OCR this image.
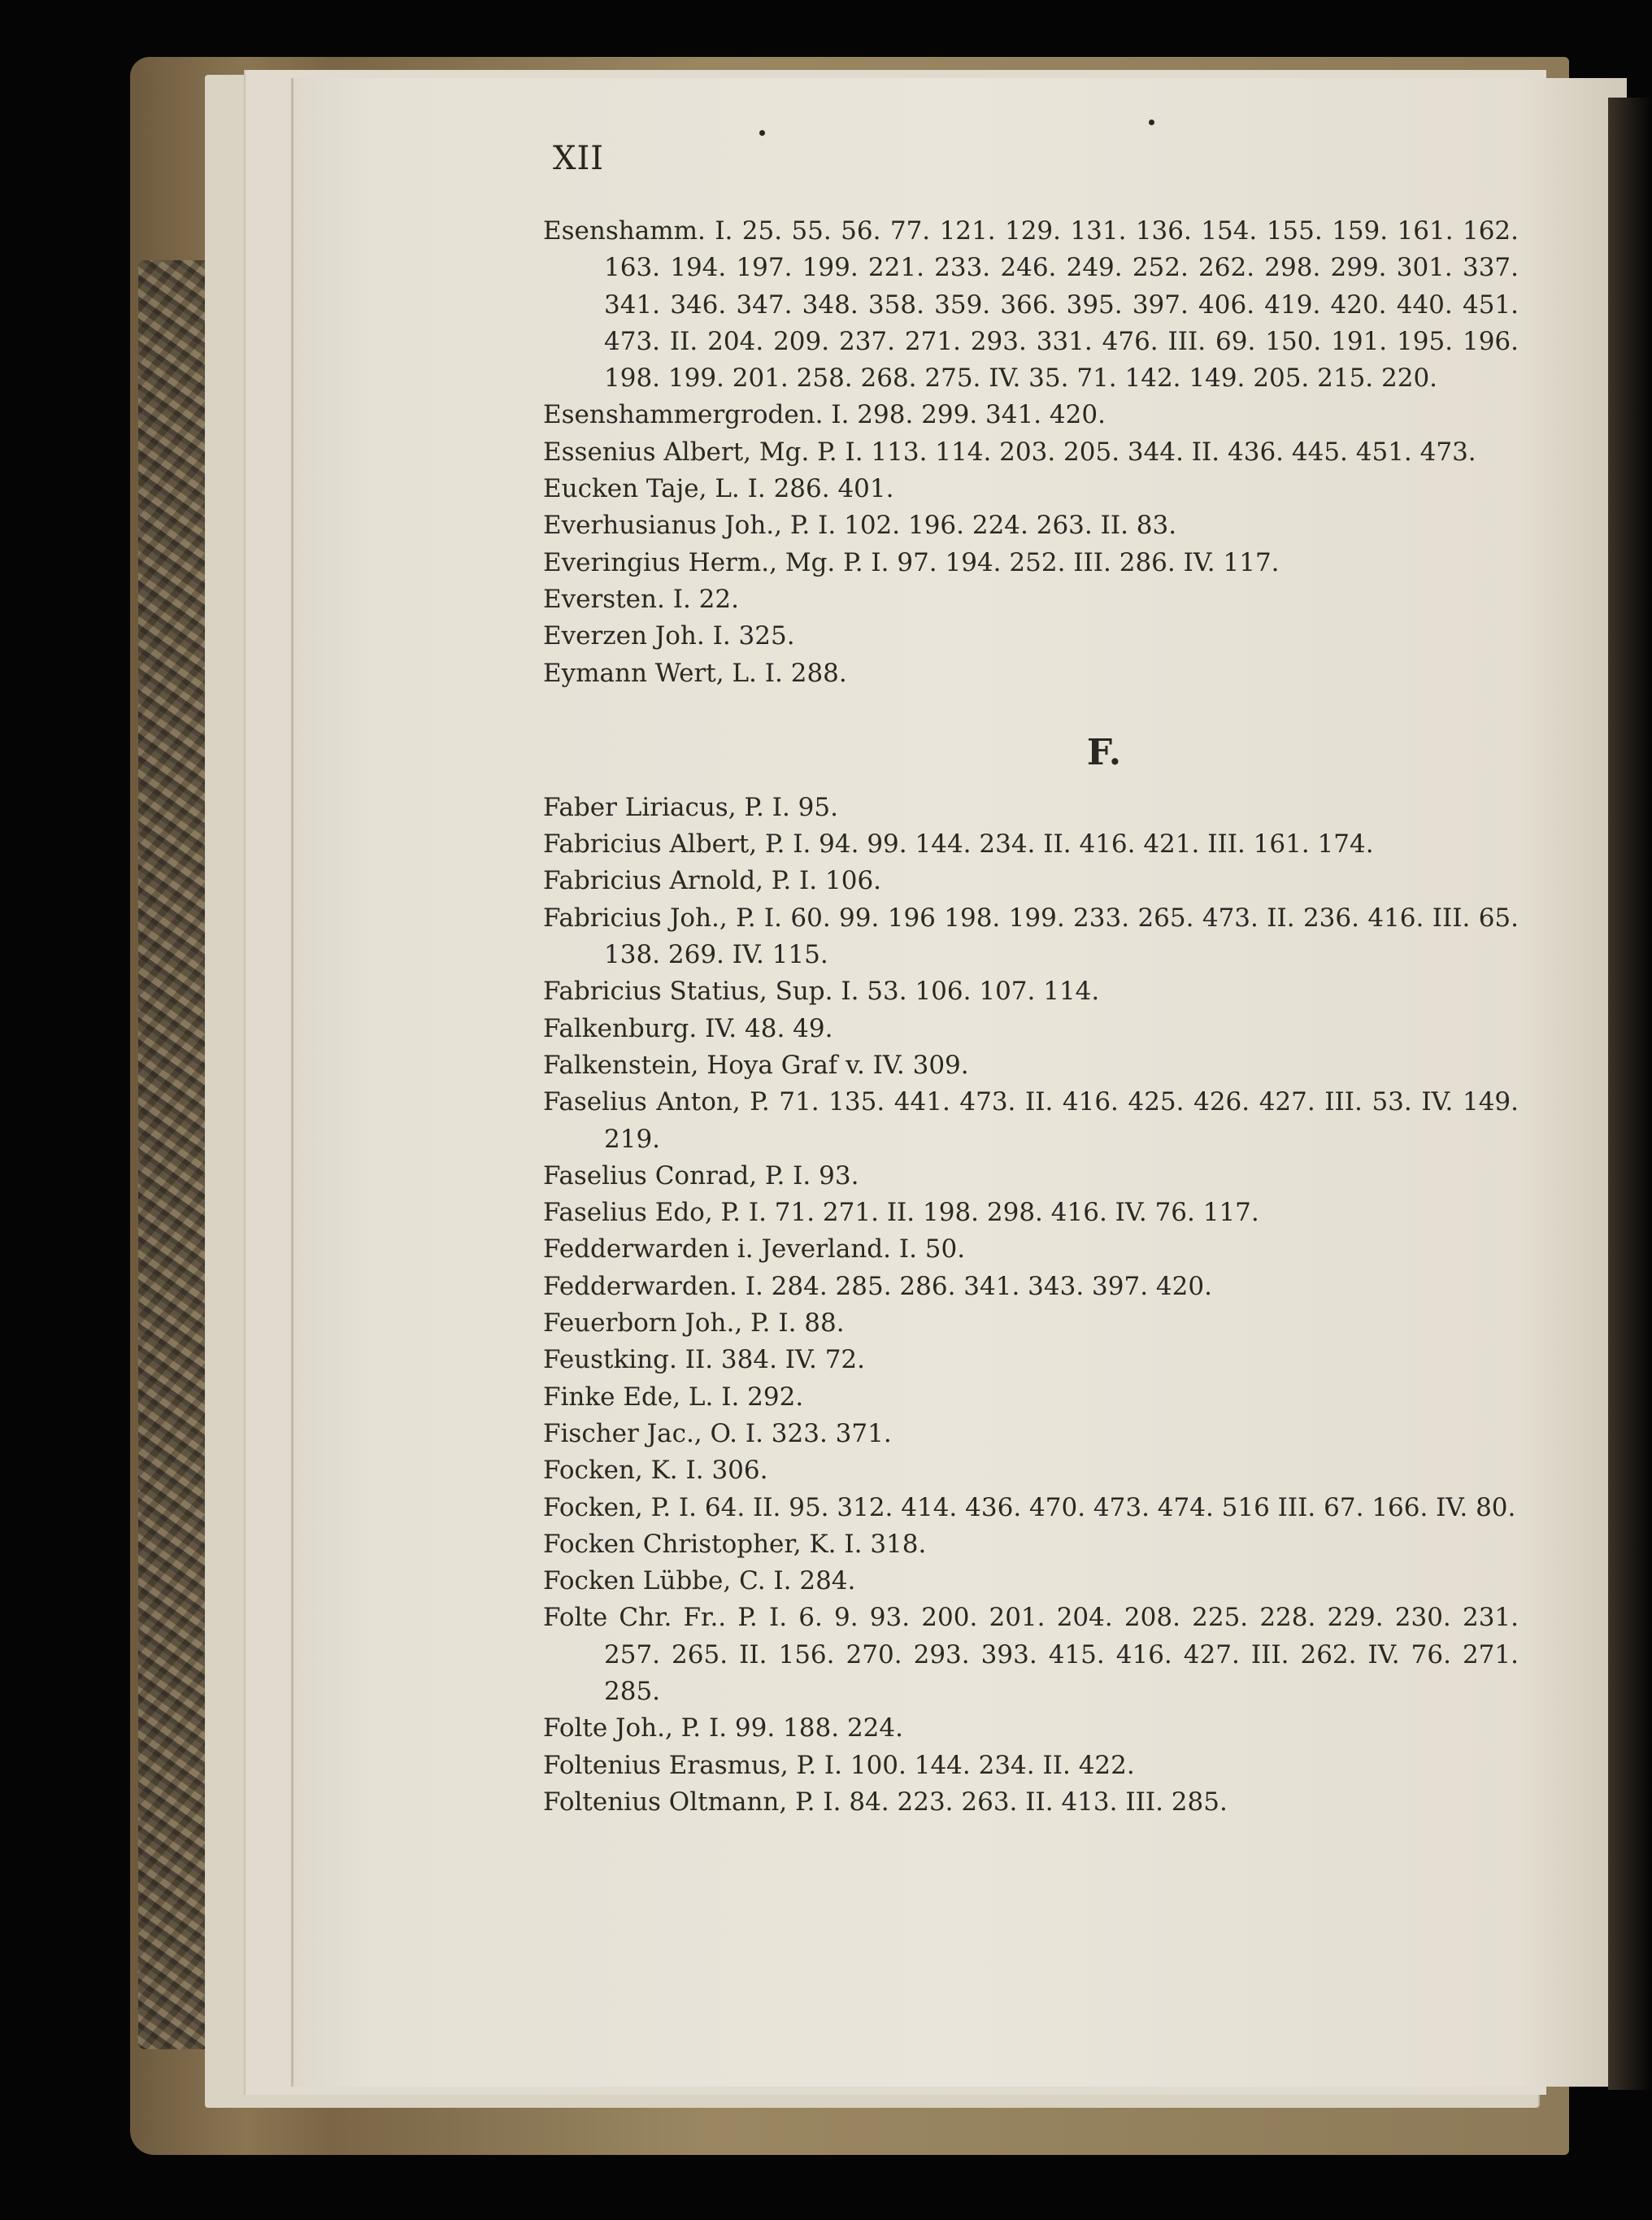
XII

Esenshamm. I. 25. 55. 56. 77. 121. 129. 131. 136. 154. 155. 159. 161. 162. 163. 194. 197. 199. 221. 233. 246. 249. 252. 262. 298. 299. 301. 337. 341. 346. 347. 348. 358. 359. 366. 395. 397. 406. 419. 420. 440. 451. 473. II. 204. 209. 237. 271. 293. 331. 476. III. 69. 150. 191. 195. 196. 198. 199. 201. 258. 268. 275. IV. 35. 71. 142. 149. 205. 215. 220.

Esenshammergroden. I. 298. 299. 341. 420.

Essenius Albert, Mg. P. I. 113. 114. 203. 205. 344. II. 436. 445. 451. 473.

Eucken Taje, L. I. 286. 401.

Everhusianus Joh., P. I. 102. 196. 224. 263. II. 83.

Everingius Herm., Mg. P. I. 97. 194. 252. III. 286. IV. 117.

Eversten. I. 22.

Everzen Joh. I. 325.

Eymann Wert, L. I. 288.

F.

Faber Liriacus, P. I. 95.

Fabricius Albert, P. I. 94. 99. 144. 234. II. 416. 421. III. 161. 174.

Fabricius Arnold, P. I. 106.

Fabricius Joh., P. I. 60. 99. 196 198. 199. 233. 265. 473. II. 236. 416. III. 65. 138. 269. IV. 115.

Fabricius Statius, Sup. I. 53. 106. 107. 114.

Falkenburg. IV. 48. 49.

Falkenstein, Hoya Graf v. IV. 309.

Faselius Anton, P. 71. 135. 441. 473. II. 416. 425. 426. 427. III. 53. IV. 149. 219.

Faselius Conrad, P. I. 93.

Faselius Edo, P. I. 71. 271. II. 198. 298. 416. IV. 76. 117.

Fedderwarden i. Jeverland. I. 50.

Fedderwarden. I. 284. 285. 286. 341. 343. 397. 420.

Feuerborn Joh., P. I. 88.

Feustking. II. 384. IV. 72.

Finke Ede, L. I. 292.

Fischer Jac., O. I. 323. 371.

Focken, K. I. 306.

Focken, P. I. 64. II. 95. 312. 414. 436. 470. 473. 474. 516 III. 67. 166. IV. 80.

Focken Christopher, K. I. 318.

Focken Lübbe, C. I. 284.

Folte Chr. Fr.. P. I. 6. 9. 93. 200. 201. 204. 208. 225. 228. 229. 230. 231. 257. 265. II. 156. 270. 293. 393. 415. 416. 427. III. 262. IV. 76. 271. 285.

Folte Joh., P. I. 99. 188. 224.

Foltenius Erasmus, P. I. 100. 144. 234. II. 422.

Foltenius Oltmann, P. I. 84. 223. 263. II. 413. III. 285.
